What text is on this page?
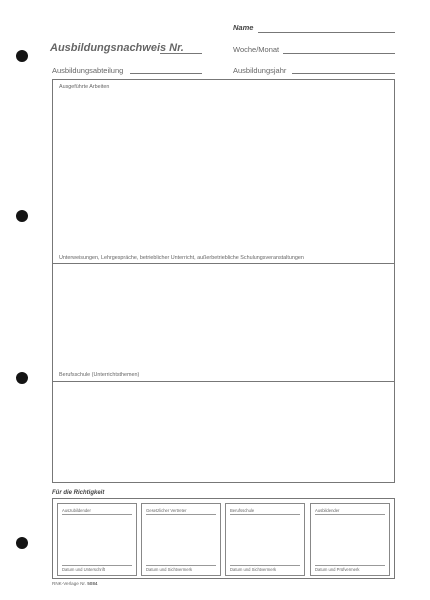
Name
Ausbildungsnachweis Nr.	Woche/Monat
Ausbildungsabteilung	Ausbildungsjahr
Ausgeführte Arbeiten
Unterweisungen, Lehrgespräche, betrieblicher Unterricht, außerbetriebliche Schulungsveranstaltungen
Berufsschule (Unterrichtsthemen)
Für die Richtigkeit
Auszubildender
Datum und Unterschrift
Gesetzlicher Vertreter
Datum und Sichtvermerk
Berufsschule
Datum und Sichtvermerk
Ausbildender
Datum und Prüfvermerk
RNK-Verlage Nr. 5084
